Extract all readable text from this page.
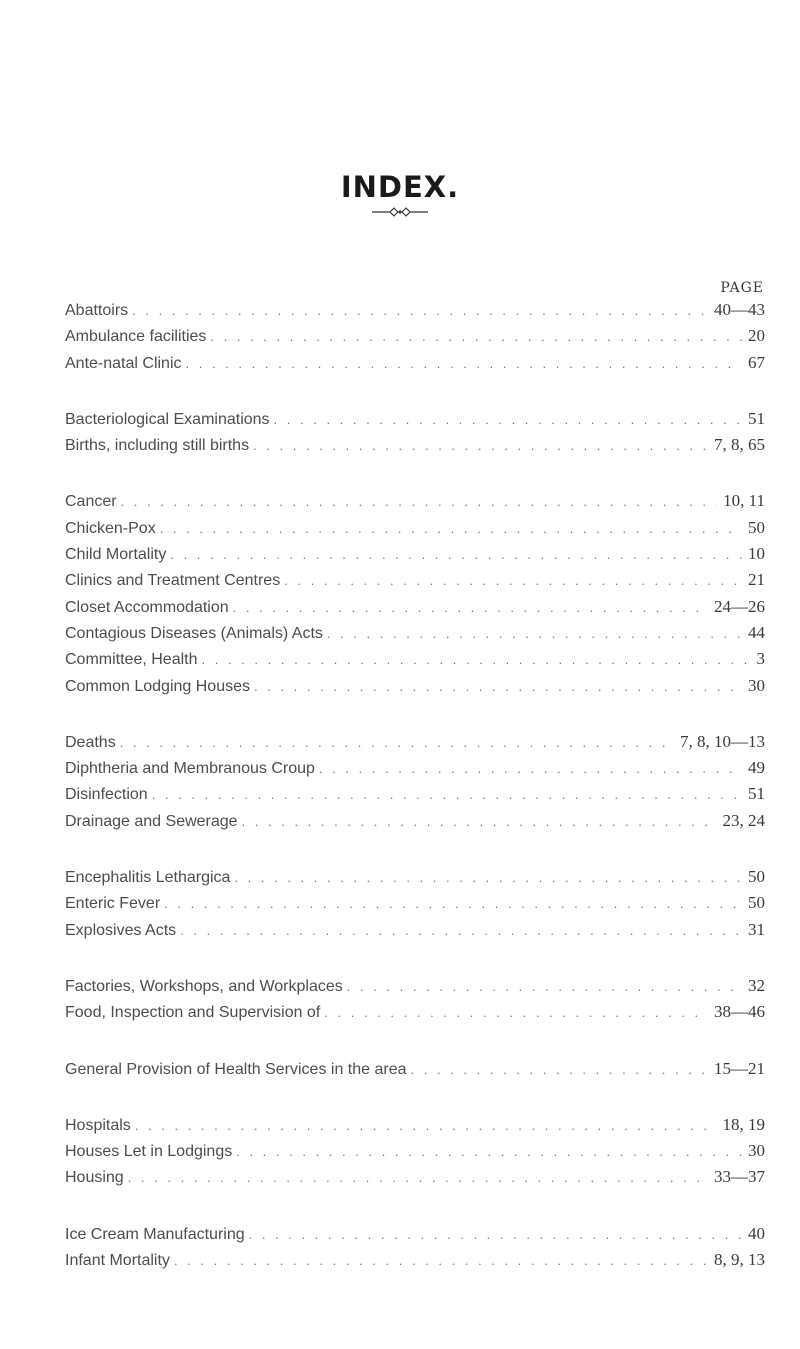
INDEX.
PAGE
Abattoirs . . .	40—43
Ambulance facilities . . .	20
Ante-natal Clinic . . .	67
Bacteriological Examinations . . .	51
Births, including still births . . .	7, 8, 65
Cancer . . .	10, 11
Chicken-Pox . . .	50
Child Mortality . . .	10
Clinics and Treatment Centres . . .	21
Closet Accommodation . . .	24—26
Contagious Diseases (Animals) Acts . . .	44
Committee, Health . . .	3
Common Lodging Houses . . .	30
Deaths . . .	7, 8, 10—13
Diphtheria and Membranous Croup . . .	49
Disinfection . . .	51
Drainage and Sewerage . . .	23, 24
Encephalitis Lethargica . . .	50
Enteric Fever . . .	50
Explosives Acts . . .	31
Factories, Workshops, and Workplaces . . .	32
Food, Inspection and Supervision of . . .	38—46
General Provision of Health Services in the area . . .	15—21
Hospitals . . .	18, 19
Houses Let in Lodgings . . .	30
Housing . . .	33—37
Ice Cream Manufacturing . . .	40
Infant Mortality . . .	8, 9, 13
